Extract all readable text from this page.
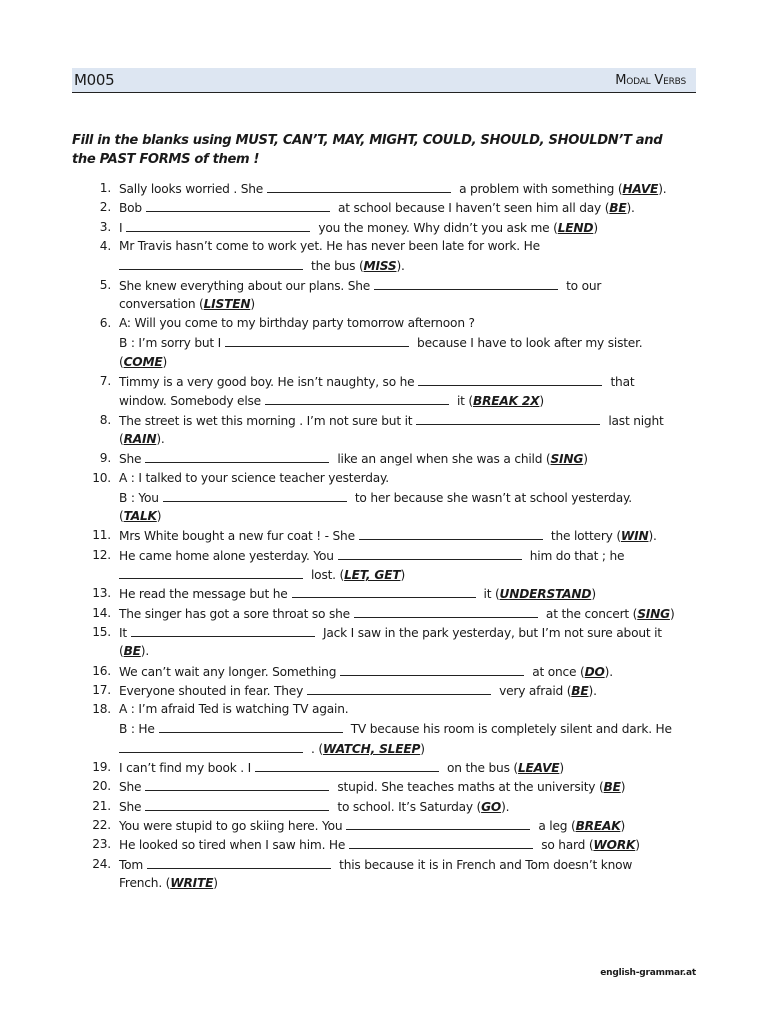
M005	Modal Verbs
Fill in the blanks using MUST, CAN’T, MAY, MIGHT, COULD, SHOULD, SHOULDN’T and the PAST FORMS of them !
1. Sally looks worried . She	a problem with something (HAVE).
2. Bob	at school because I haven’t seen him all day (BE).
3. I	you the money. Why didn’t you ask me (LEND)
4. Mr Travis hasn’t come to work yet. He has never been late for work. He
the bus (MISS).
5. She knew everything about our plans. She	to our
conversation (LISTEN)
6. A: Will you come to my birthday party tomorrow afternoon ?
B : I’m sorry but I	because I have to look after my sister.
(COME)
7. Timmy is a very good boy. He isn’t naughty, so he	that
window. Somebody else	it (BREAK 2X)
8. The street is wet this morning . I’m not sure but it	last night
(RAIN).
9. She	like an angel when she was a child (SING)
10. A : I talked to your science teacher yesterday.
B : You	to her because she wasn’t at school yesterday.
(TALK)
11. Mrs White bought a new fur coat ! - She	the lottery (WIN).
12. He came home alone yesterday. You	him do that ; he
lost. (LET, GET)
13. He read the message but he	it (UNDERSTAND)
14. The singer has got a sore throat so she	at the concert (SING)
15. It	Jack I saw in the park yesterday, but I’m not sure about it
(BE).
16. We can’t wait any longer. Something	at once (DO).
17. Everyone shouted in fear. They	very afraid (BE).
18. A : I’m afraid Ted is watching TV again.
B : He	TV because his room is completely silent and dark. He
. (WATCH, SLEEP)
19. I can’t find my book . I	on the bus (LEAVE)
20. She	stupid. She teaches maths at the university (BE)
21. She	to school. It’s Saturday (GO).
22. You were stupid to go skiing here. You	a leg (BREAK)
23. He looked so tired when I saw him. He	so hard (WORK)
24. Tom	this because it is in French and Tom doesn’t know
French. (WRITE)
english-grammar.at
